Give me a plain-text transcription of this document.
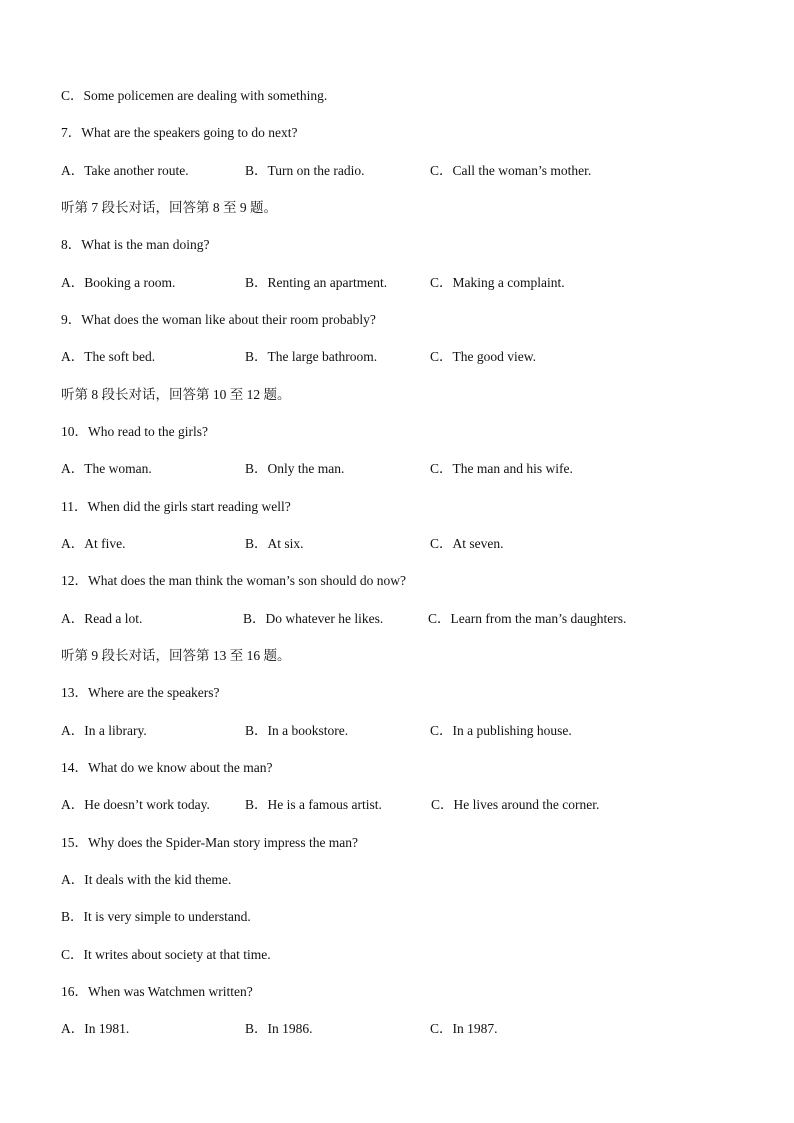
C．Some policemen are dealing with something.
7．What are the speakers going to do next?
A．Take another route.	B．Turn on the radio.	C．Call the woman’s mother.
听第 7 段长对话，回答第 8 至 9 题。
8．What is the man doing?
A．Booking a room.	B．Renting an apartment.	C．Making a complaint.
9．What does the woman like about their room probably?
A．The soft bed.	B．The large bathroom.	C．The good view.
听第 8 段长对话，回答第 10 至 12 题。
10．Who read to the girls?
A．The woman.	B．Only the man.	C．The man and his wife.
11．When did the girls start reading well?
A．At five.	B．At six.	C．At seven.
12．What does the man think the woman’s son should do now?
A．Read a lot.	B．Do whatever he likes.	C．Learn from the man’s daughters.
听第 9 段长对话，回答第 13 至 16 题。
13．Where are the speakers?
A．In a library.	B．In a bookstore.	C．In a publishing house.
14．What do we know about the man?
A．He doesn’t work today.	B．He is a famous artist.	C．He lives around the corner.
15．Why does the Spider-Man story impress the man?
A．It deals with the kid theme.
B．It is very simple to understand.
C．It writes about society at that time.
16．When was Watchmen written?
A．In 1981.	B．In 1986.	C．In 1987.
